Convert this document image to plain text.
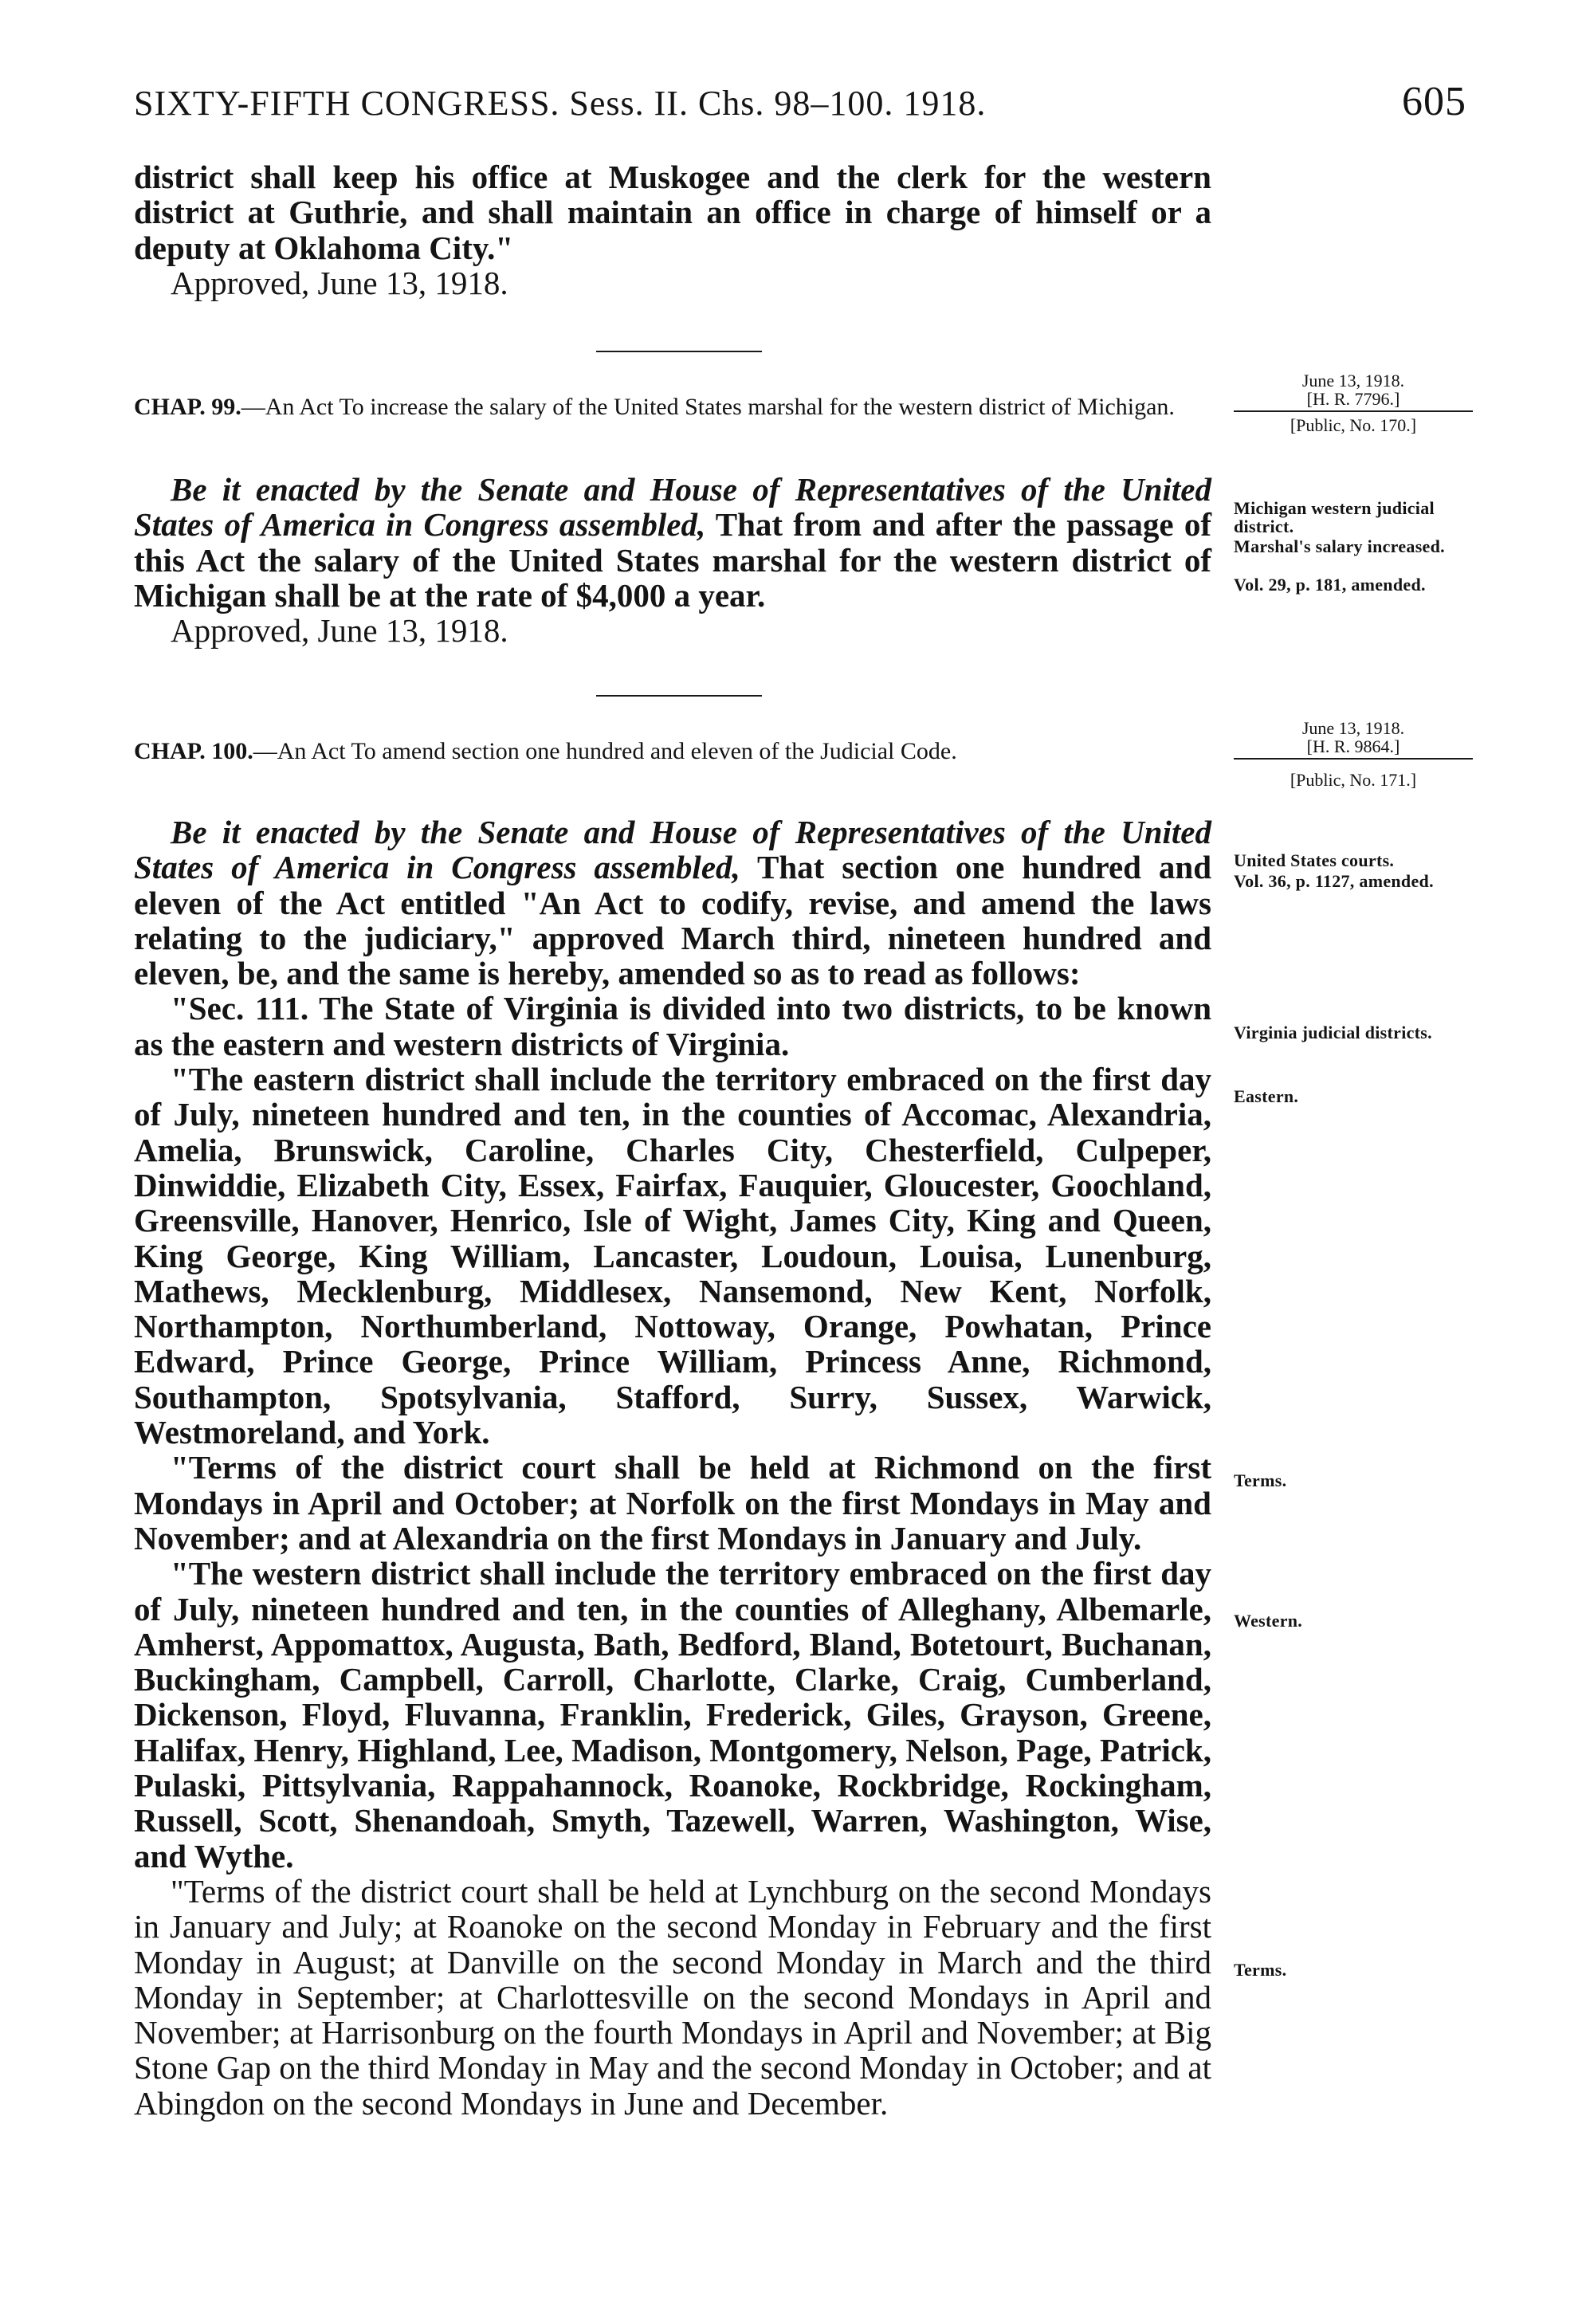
SIXTY-FIFTH CONGRESS. Sess. II. Chs. 98–100. 1918.	605

district shall keep his office at Muskogee and the clerk for the western district at Guthrie, and shall maintain an office in charge of himself or a deputy at Oklahoma City."

Approved, June 13, 1918.

CHAP. 99.—An Act To increase the salary of the United States marshal for the western district of Michigan.

June 13, 1918.
[H. R. 7796.]
[Public, No. 170.]

Be it enacted by the Senate and House of Representatives of the United States of America in Congress assembled, That from and after the passage of this Act the salary of the United States marshal for the western district of Michigan shall be at the rate of $4,000 a year.

Approved, June 13, 1918.

Michigan western judicial district.
Marshal's salary increased.
Vol. 29, p. 181, amended.

CHAP. 100.—An Act To amend section one hundred and eleven of the Judicial Code.

June 13, 1918.
[H. R. 9864.]
[Public, No. 171.]

Be it enacted by the Senate and House of Representatives of the United States of America in Congress assembled, That section one hundred and eleven of the Act entitled "An Act to codify, revise, and amend the laws relating to the judiciary," approved March third, nineteen hundred and eleven, be, and the same is hereby, amended so as to read as follows:

"Sec. 111. The State of Virginia is divided into two districts, to be known as the eastern and western districts of Virginia.

"The eastern district shall include the territory embraced on the first day of July, nineteen hundred and ten, in the counties of Accomac, Alexandria, Amelia, Brunswick, Caroline, Charles City, Chesterfield, Culpeper, Dinwiddie, Elizabeth City, Essex, Fairfax, Fauquier, Gloucester, Goochland, Greensville, Hanover, Henrico, Isle of Wight, James City, King and Queen, King George, King William, Lancaster, Loudoun, Louisa, Lunenburg, Mathews, Mecklenburg, Middlesex, Nansemond, New Kent, Norfolk, Northampton, Northumberland, Nottoway, Orange, Powhatan, Prince Edward, Prince George, Prince William, Princess Anne, Richmond, Southampton, Spotsylvania, Stafford, Surry, Sussex, Warwick, Westmoreland, and York.

"Terms of the district court shall be held at Richmond on the first Mondays in April and October; at Norfolk on the first Mondays in May and November; and at Alexandria on the first Mondays in January and July.

"The western district shall include the territory embraced on the first day of July, nineteen hundred and ten, in the counties of Alleghany, Albemarle, Amherst, Appomattox, Augusta, Bath, Bedford, Bland, Botetourt, Buchanan, Buckingham, Campbell, Carroll, Charlotte, Clarke, Craig, Cumberland, Dickenson, Floyd, Fluvanna, Franklin, Frederick, Giles, Grayson, Greene, Halifax, Henry, Highland, Lee, Madison, Montgomery, Nelson, Page, Patrick, Pulaski, Pittsylvania, Rappahannock, Roanoke, Rockbridge, Rockingham, Russell, Scott, Shenandoah, Smyth, Tazewell, Warren, Washington, Wise, and Wythe.

"Terms of the district court shall be held at Lynchburg on the second Mondays in January and July; at Roanoke on the second Monday in February and the first Monday in August; at Danville on the second Monday in March and the third Monday in September; at Charlottesville on the second Mondays in April and November; at Harrisonburg on the fourth Mondays in April and November; at Big Stone Gap on the third Monday in May and the second Monday in October; and at Abingdon on the second Mondays in June and December.

United States courts.
Vol. 36, p. 1127, amended.
Virginia judicial districts.
Eastern.
Terms.
Western.
Terms.
